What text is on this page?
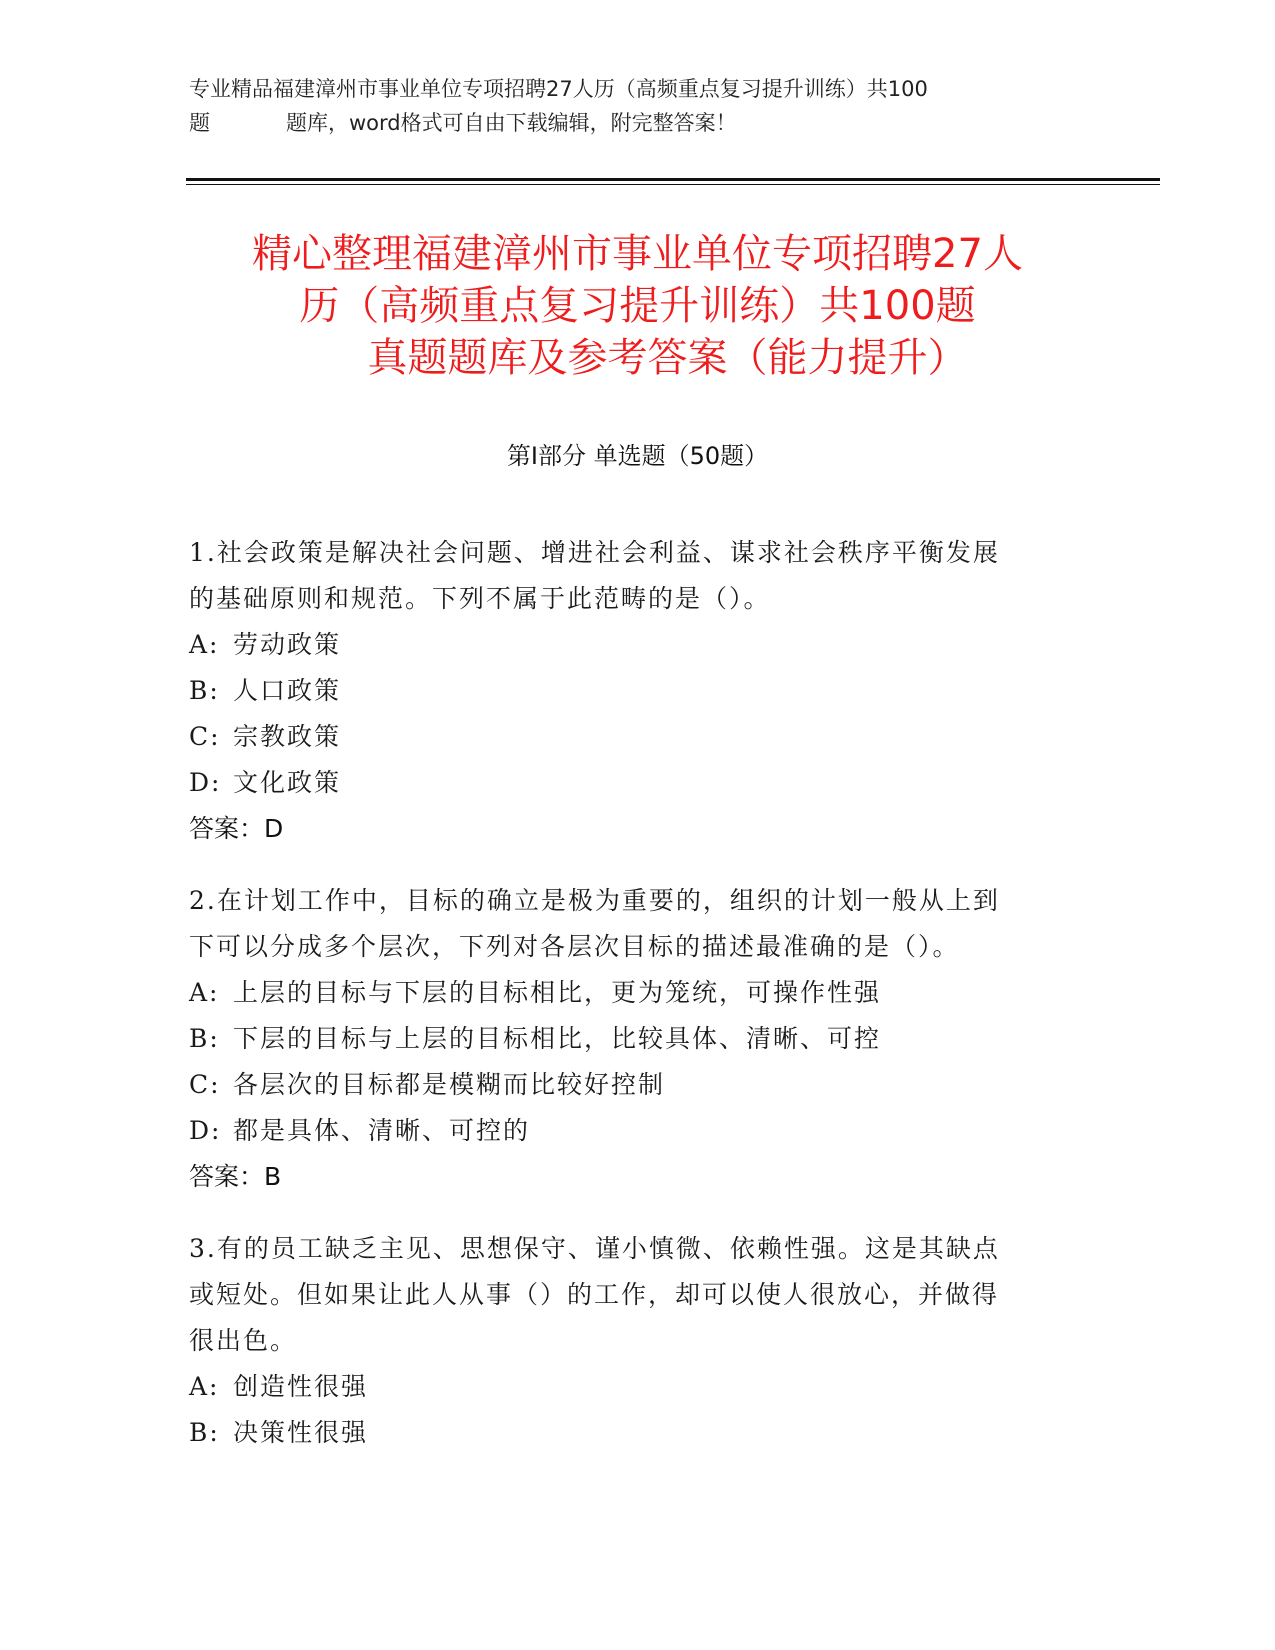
专业精品福建漳州市事业单位专项招聘27人历（高频重点复习提升训练）共100
题	题库，word格式可自由下载编辑，附完整答案！
精心整理福建漳州市事业单位专项招聘27人
历（高频重点复习提升训练）共100题
真题题库及参考答案（能力提升）
第Ⅰ部分 单选题（50题）

1.社会政策是解决社会问题、增进社会利益、谋求社会秩序平衡发展
的基础原则和规范。下列不属于此范畴的是（）。

A: 劳动政策
B: 人口政策
C: 宗教政策
D: 文化政策
答案：D

2.在计划工作中，目标的确立是极为重要的，组织的计划一般从上到
下可以分成多个层次，下列对各层次目标的描述最准确的是（）。

A: 上层的目标与下层的目标相比，更为笼统，可操作性强
B: 下层的目标与上层的目标相比，比较具体、清晰、可控
C: 各层次的目标都是模糊而比较好控制
D: 都是具体、清晰、可控的
答案：B

3.有的员工缺乏主见、思想保守、谨小慎微、依赖性强。这是其缺点
或短处。但如果让此人从事（）的工作，却可以使人很放心，并做得
很出色。

A: 创造性很强
B: 决策性很强
